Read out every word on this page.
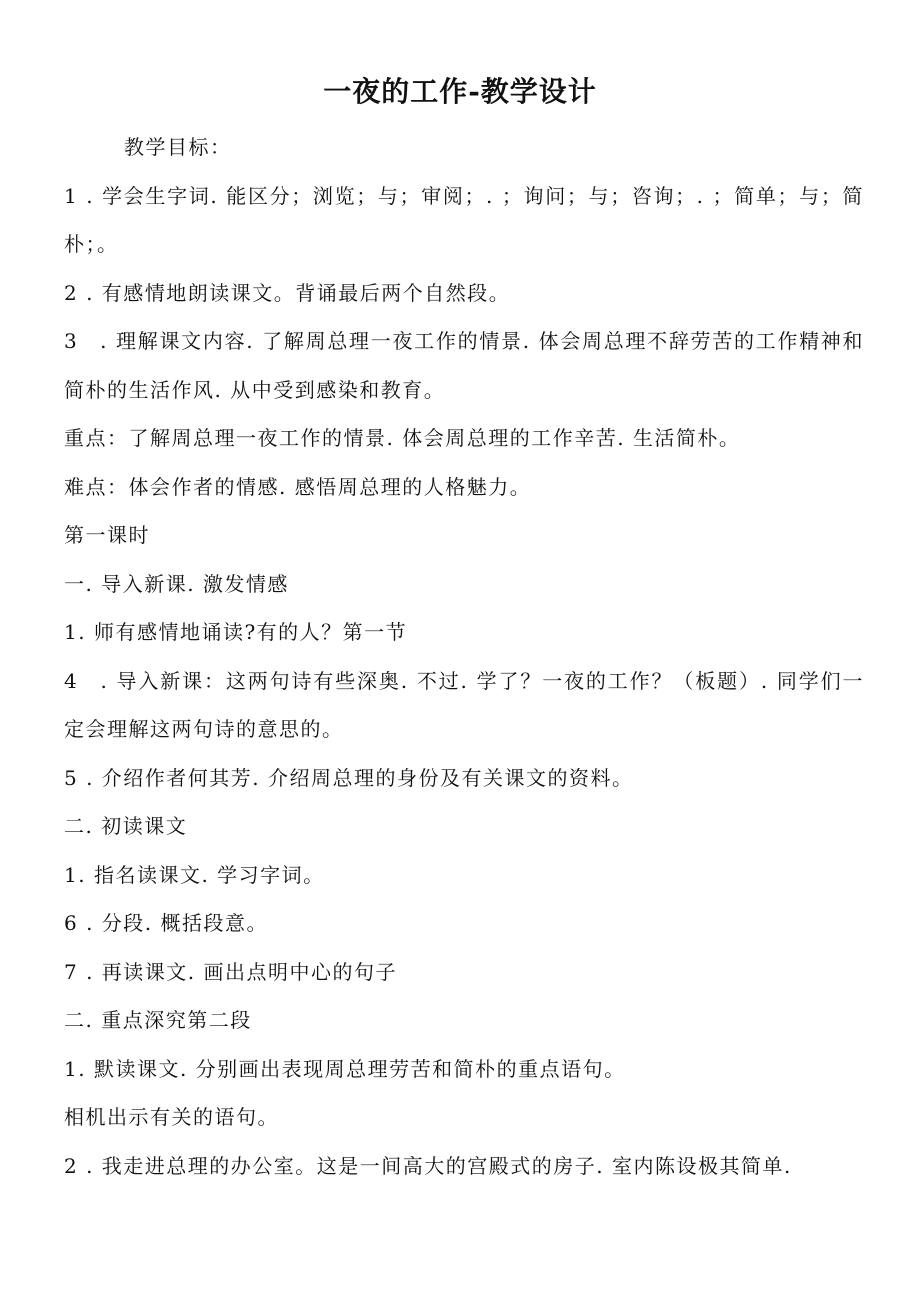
一夜的工作-教学设计

教学目标：

1 . 学会生字词. 能区分；浏览；与；审阅；. ；询问；与；咨询；. ；简单；与；简朴；。

2 . 有感情地朗读课文。背诵最后两个自然段。

3　. 理解课文内容. 了解周总理一夜工作的情景. 体会周总理不辞劳苦的工作精神和简朴的生活作风. 从中受到感染和教育。

重点：了解周总理一夜工作的情景. 体会周总理的工作辛苦. 生活简朴。

难点：体会作者的情感. 感悟周总理的人格魅力。

第一课时

一. 导入新课. 激发情感

1. 师有感情地诵读?有的人？第一节

4　. 导入新课：这两句诗有些深奥. 不过. 学了？一夜的工作？（板题）. 同学们一定会理解这两句诗的意思的。

5 . 介绍作者何其芳. 介绍周总理的身份及有关课文的资料。

二. 初读课文

1. 指名读课文. 学习字词。

6 . 分段. 概括段意。

7 . 再读课文. 画出点明中心的句子

二. 重点深究第二段

1. 默读课文. 分别画出表现周总理劳苦和简朴的重点语句。

相机出示有关的语句。

2 . 我走进总理的办公室。这是一间高大的宫殿式的房子. 室内陈设极其简单.
